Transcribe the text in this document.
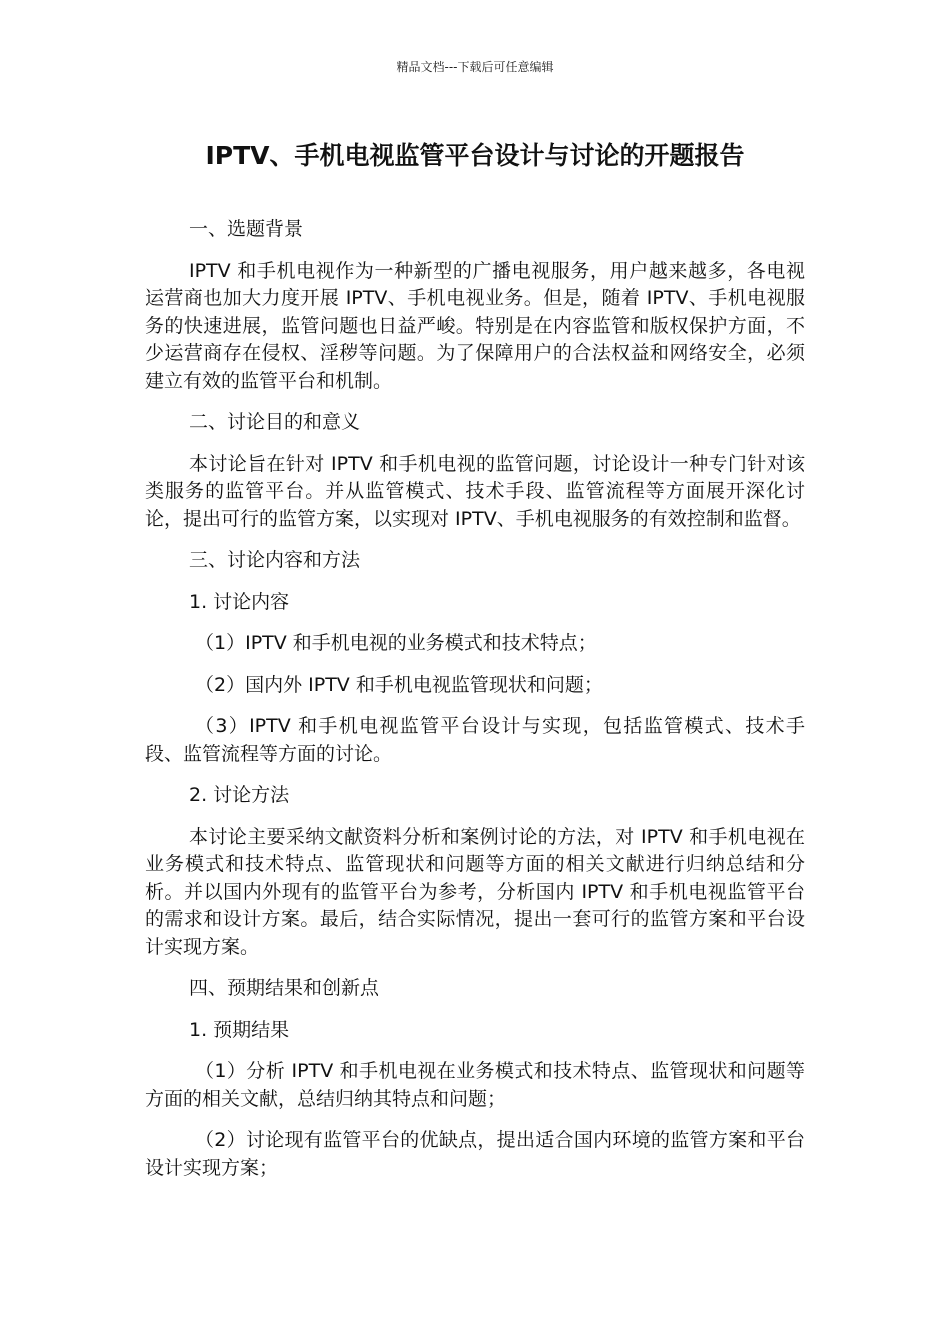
精品文档---下载后可任意编辑
IPTV、手机电视监管平台设计与讨论的开题报告
一、选题背景
IPTV 和手机电视作为一种新型的广播电视服务，用户越来越多，各电视运营商也加大力度开展 IPTV、手机电视业务。但是，随着 IPTV、手机电视服务的快速进展，监管问题也日益严峻。特别是在内容监管和版权保护方面，不少运营商存在侵权、淫秽等问题。为了保障用户的合法权益和网络安全，必须建立有效的监管平台和机制。
二、讨论目的和意义
本讨论旨在针对 IPTV 和手机电视的监管问题，讨论设计一种专门针对该类服务的监管平台。并从监管模式、技术手段、监管流程等方面展开深化讨论，提出可行的监管方案，以实现对 IPTV、手机电视服务的有效控制和监督。
三、讨论内容和方法
1. 讨论内容
（1）IPTV 和手机电视的业务模式和技术特点；
（2）国内外 IPTV 和手机电视监管现状和问题；
（3）IPTV 和手机电视监管平台设计与实现，包括监管模式、技术手段、监管流程等方面的讨论。
2. 讨论方法
本讨论主要采纳文献资料分析和案例讨论的方法，对 IPTV 和手机电视在业务模式和技术特点、监管现状和问题等方面的相关文献进行归纳总结和分析。并以国内外现有的监管平台为参考，分析国内 IPTV 和手机电视监管平台的需求和设计方案。最后，结合实际情况，提出一套可行的监管方案和平台设计实现方案。
四、预期结果和创新点
1. 预期结果
（1）分析 IPTV 和手机电视在业务模式和技术特点、监管现状和问题等方面的相关文献，总结归纳其特点和问题；
（2）讨论现有监管平台的优缺点，提出适合国内环境的监管方案和平台设计实现方案；
